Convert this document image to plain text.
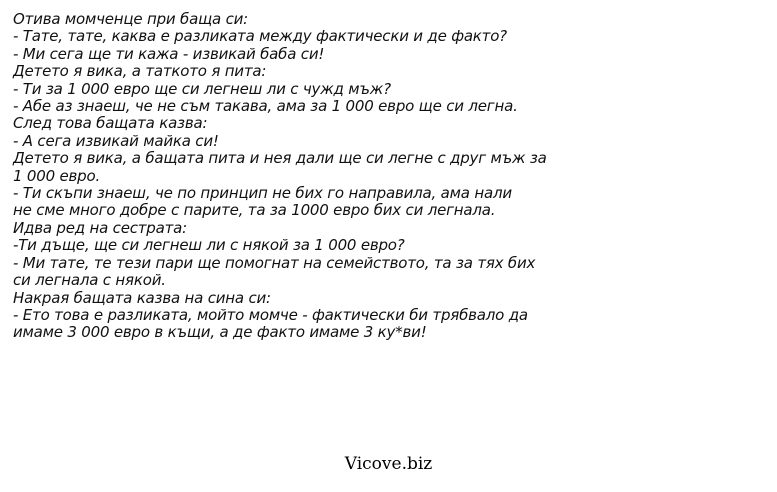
Отива момченце при баща си:
- Тате, тате, каква е разликата между фактически и де факто?
- Ми сега ще ти кажа - извикай баба си!
Детето я вика, а таткото я пита:
- Ти за 1 000 евро ще си легнеш ли с чужд мъж?
- Абе аз знаеш, че не съм такава, ама за 1 000 евро ще си легна.
След това бащата казва:
- А сега извикай майка си!
Детето я вика, а бащата пита и нея дали ще си легне с друг мъж за
1 000 евро.
- Ти скъпи знаеш, че по принцип не бих го направила, ама нали
не сме много добре с парите, та за 1000 евро бих си легнала.
Идва ред на сестрата:
-Ти дъще, ще си легнеш ли с някой за 1 000 евро?
- Ми тате, те тези пари ще помогнат на семейството, та за тях бих
си легнала с някой.
Накрая бащата казва на сина си:
- Ето това е разликата, мойто момче - фактически би трябвало да
имаме 3 000 евро в къщи, а де факто имаме 3 ку*ви!
Vicove.biz
